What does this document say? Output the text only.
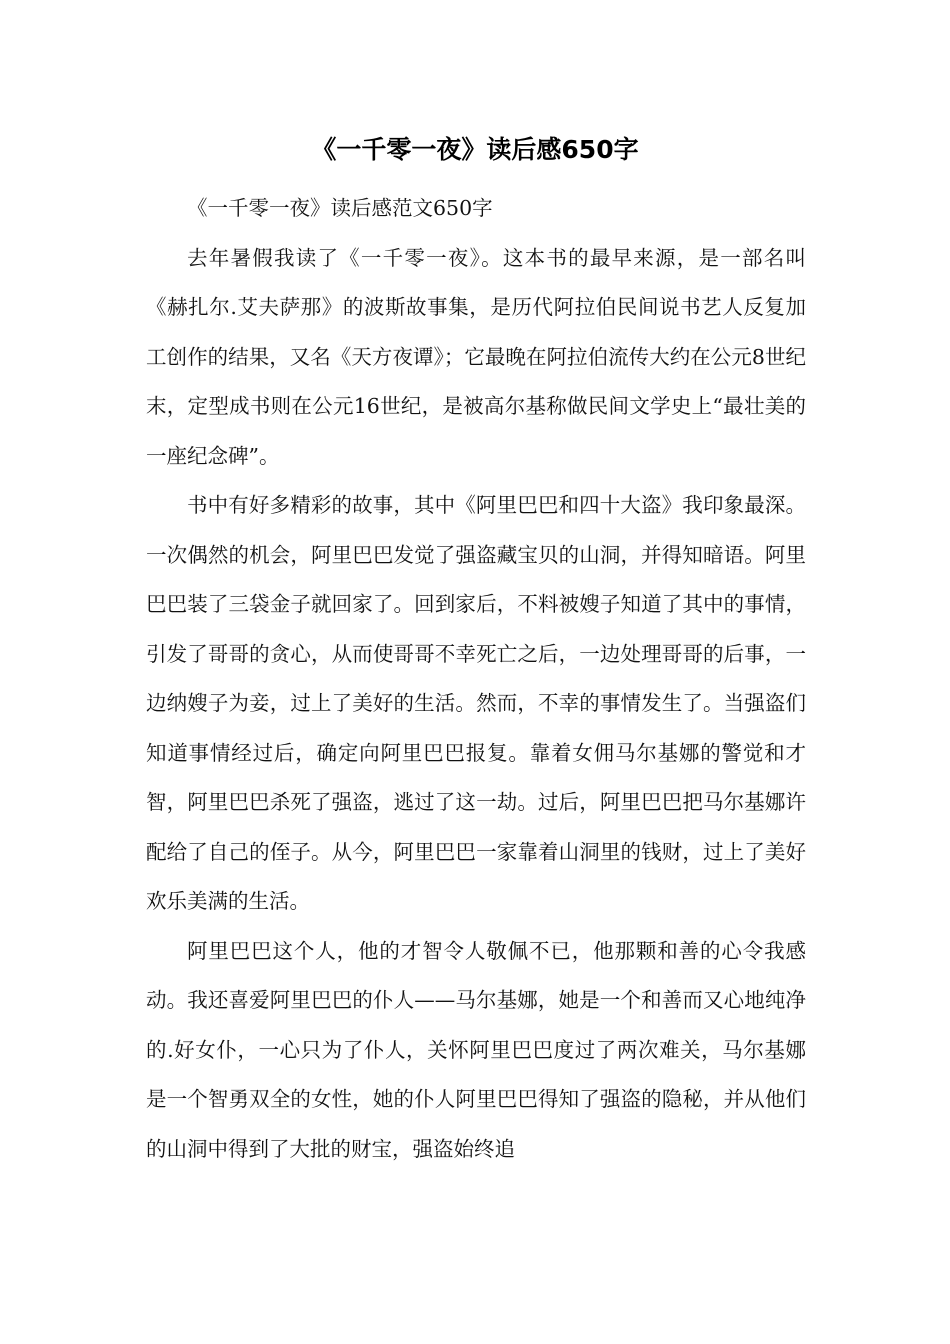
《一千零一夜》读后感650字

《一千零一夜》读后感范文650字

去年暑假我读了《一千零一夜》。这本书的最早来源，是一部名叫《赫扎尔.艾夫萨那》的波斯故事集，是历代阿拉伯民间说书艺人反复加工创作的结果，又名《天方夜谭》；它最晚在阿拉伯流传大约在公元8世纪末，定型成书则在公元16世纪，是被高尔基称做民间文学史上“最壮美的一座纪念碑”。

书中有好多精彩的故事，其中《阿里巴巴和四十大盗》我印象最深。一次偶然的机会，阿里巴巴发觉了强盗藏宝贝的山洞，并得知暗语。阿里巴巴装了三袋金子就回家了。回到家后，不料被嫂子知道了其中的事情，引发了哥哥的贪心，从而使哥哥不幸死亡之后，一边处理哥哥的后事，一边纳嫂子为妾，过上了美好的生活。然而，不幸的事情发生了。当强盗们知道事情经过后，确定向阿里巴巴报复。靠着女佣马尔基娜的警觉和才智，阿里巴巴杀死了强盗，逃过了这一劫。过后，阿里巴巴把马尔基娜许配给了自己的侄子。从今，阿里巴巴一家靠着山洞里的钱财，过上了美好欢乐美满的生活。

阿里巴巴这个人，他的才智令人敬佩不已，他那颗和善的心令我感动。我还喜爱阿里巴巴的仆人——马尔基娜，她是一个和善而又心地纯净的.好女仆，一心只为了仆人，关怀阿里巴巴度过了两次难关，马尔基娜是一个智勇双全的女性，她的仆人阿里巴巴得知了强盗的隐秘，并从他们的山洞中得到了大批的财宝，强盗始终追
